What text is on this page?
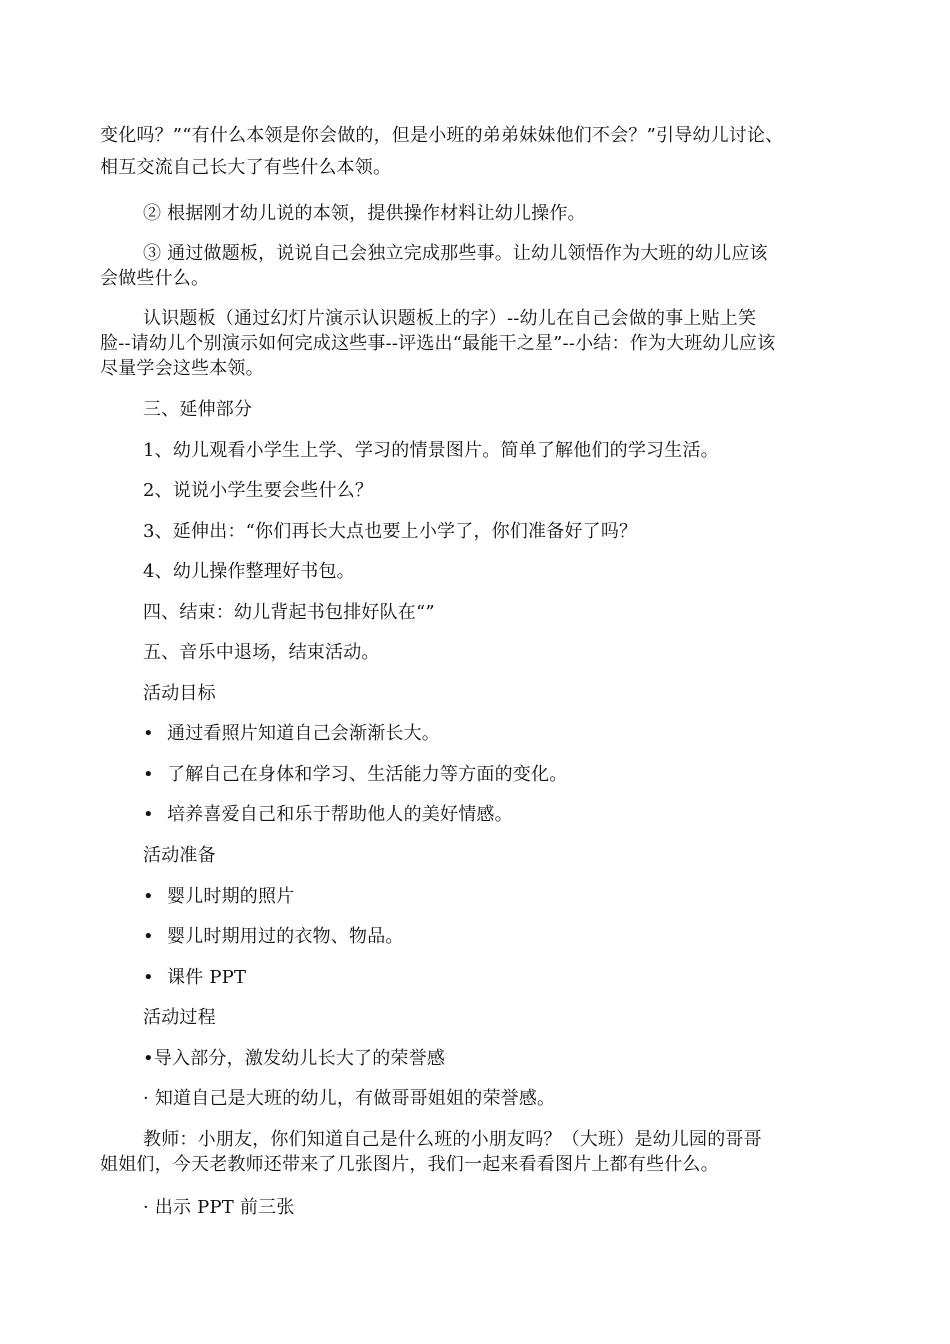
变化吗？”“有什么本领是你会做的，但是小班的弟弟妹妹他们不会？”引导幼儿讨论、
相互交流自己长大了有些什么本领。
② 根据刚才幼儿说的本领，提供操作材料让幼儿操作。
③ 通过做题板，说说自己会独立完成那些事。让幼儿领悟作为大班的幼儿应该
会做些什么。
认识题板（通过幻灯片演示认识题板上的字）--幼儿在自己会做的事上贴上笑
脸--请幼儿个别演示如何完成这些事--评选出“最能干之星”--小结：作为大班幼儿应该
尽量学会这些本领。
三、延伸部分
1、幼儿观看小学生上学、学习的情景图片。简单了解他们的学习生活。
2、说说小学生要会些什么？
3、延伸出：“你们再长大点也要上小学了，你们准备好了吗？
4、幼儿操作整理好书包。
四、结束：幼儿背起书包排好队在“”
五、音乐中退场，结束活动。
活动目标
• 通过看照片知道自己会渐渐长大。
• 了解自己在身体和学习、生活能力等方面的变化。
• 培养喜爱自己和乐于帮助他人的美好情感。
活动准备
• 婴儿时期的照片
• 婴儿时期用过的衣物、物品。
• 课件 PPT
活动过程
•导入部分，激发幼儿长大了的荣誉感
· 知道自己是大班的幼儿，有做哥哥姐姐的荣誉感。
教师：小朋友，你们知道自己是什么班的小朋友吗？（大班）是幼儿园的哥哥
姐姐们，今天老教师还带来了几张图片，我们一起来看看图片上都有些什么。
· 出示 PPT 前三张
